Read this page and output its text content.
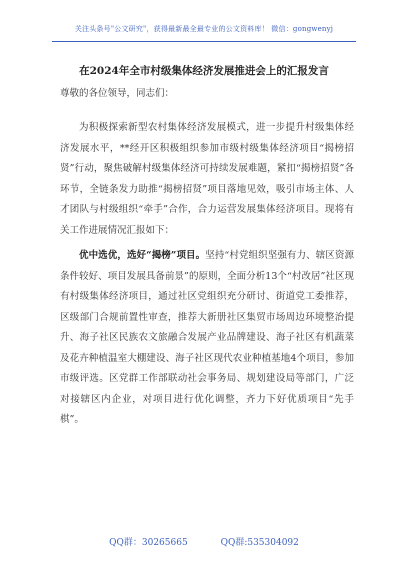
关注头条号"公文研究"，获得最新最全最专业的公文资料库！ 微信：gongwenyj
在2024年全市村级集体经济发展推进会上的汇报发言
尊敬的各位领导，同志们：

为积极探索新型农村集体经济发展模式，进一步提升村级集体经济发展水平，**经开区积极组织参加市级村级集体经济项目“揭榜招贤”行动，聚焦破解村级集体经济可持续发展难题，紧扣“揭榜招贤”各环节，全链条发力助推“揭榜招贤”项目落地见效，吸引市场主体、人才团队与村级组织“牵手”合作，合力运营发展集体经济项目。现将有关工作进展情况汇报如下：

优中选优，选好“揭榜”项目。坚持“村党组织坚强有力、辖区资源条件较好、项目发展具备前景”的原则，全面分析13个“村改居”社区现有村级集体经济项目，通过社区党组织充分研讨、街道党工委推荐，区级部门合规前置性审查，推荐大新册社区集贸市场周边环境整治提升、海子社区民族农文旅融合发展产业品牌建设、海子社区有机蔬菜及花卉种植温室大棚建设、海子社区现代农业种植基地4个项目，参加市级评选。区党群工作部联动社会事务局、规划建设局等部门，广泛对接辖区内企业，对项目进行优化调整，齐力下好优质项目“先手棋”。

QQ群：30265665	QQ群:535304092
